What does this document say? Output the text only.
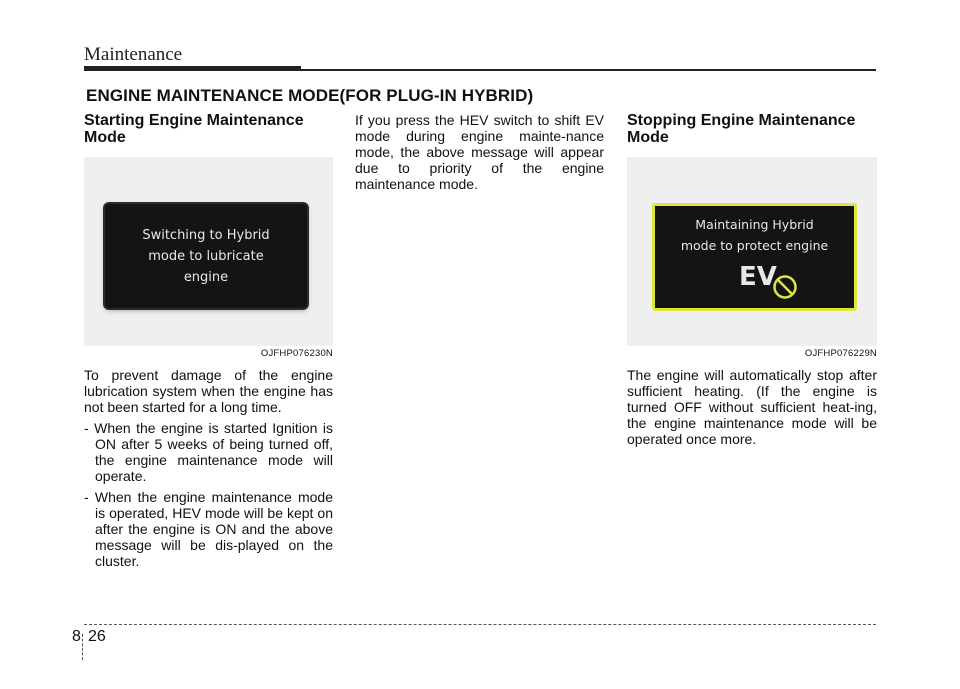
Maintenance
ENGINE MAINTENANCE MODE(FOR PLUG-IN HYBRID)
Starting Engine Maintenance Mode
Switching to Hybrid
mode to lubricate
engine
OJFHP076230N

To prevent damage of the engine lubrication system when the engine has not been started for a long time.

- When the engine is started Ignition is ON after 5 weeks of being turned off, the engine maintenance mode will operate.
- When the engine maintenance mode is operated, HEV mode will be kept on after the engine is ON and the above message will be dis-played on the cluster.

If you press the HEV switch to shift EV mode during engine mainte-nance mode, the above message will appear due to priority of the engine maintenance mode.

Stopping Engine Maintenance Mode
Maintaining Hybrid
mode to protect engine
EV
OJFHP076229N

The engine will automatically stop after sufficient heating. (If the engine is turned OFF without sufficient heat-ing, the engine maintenance mode will be operated once more.

8 26
